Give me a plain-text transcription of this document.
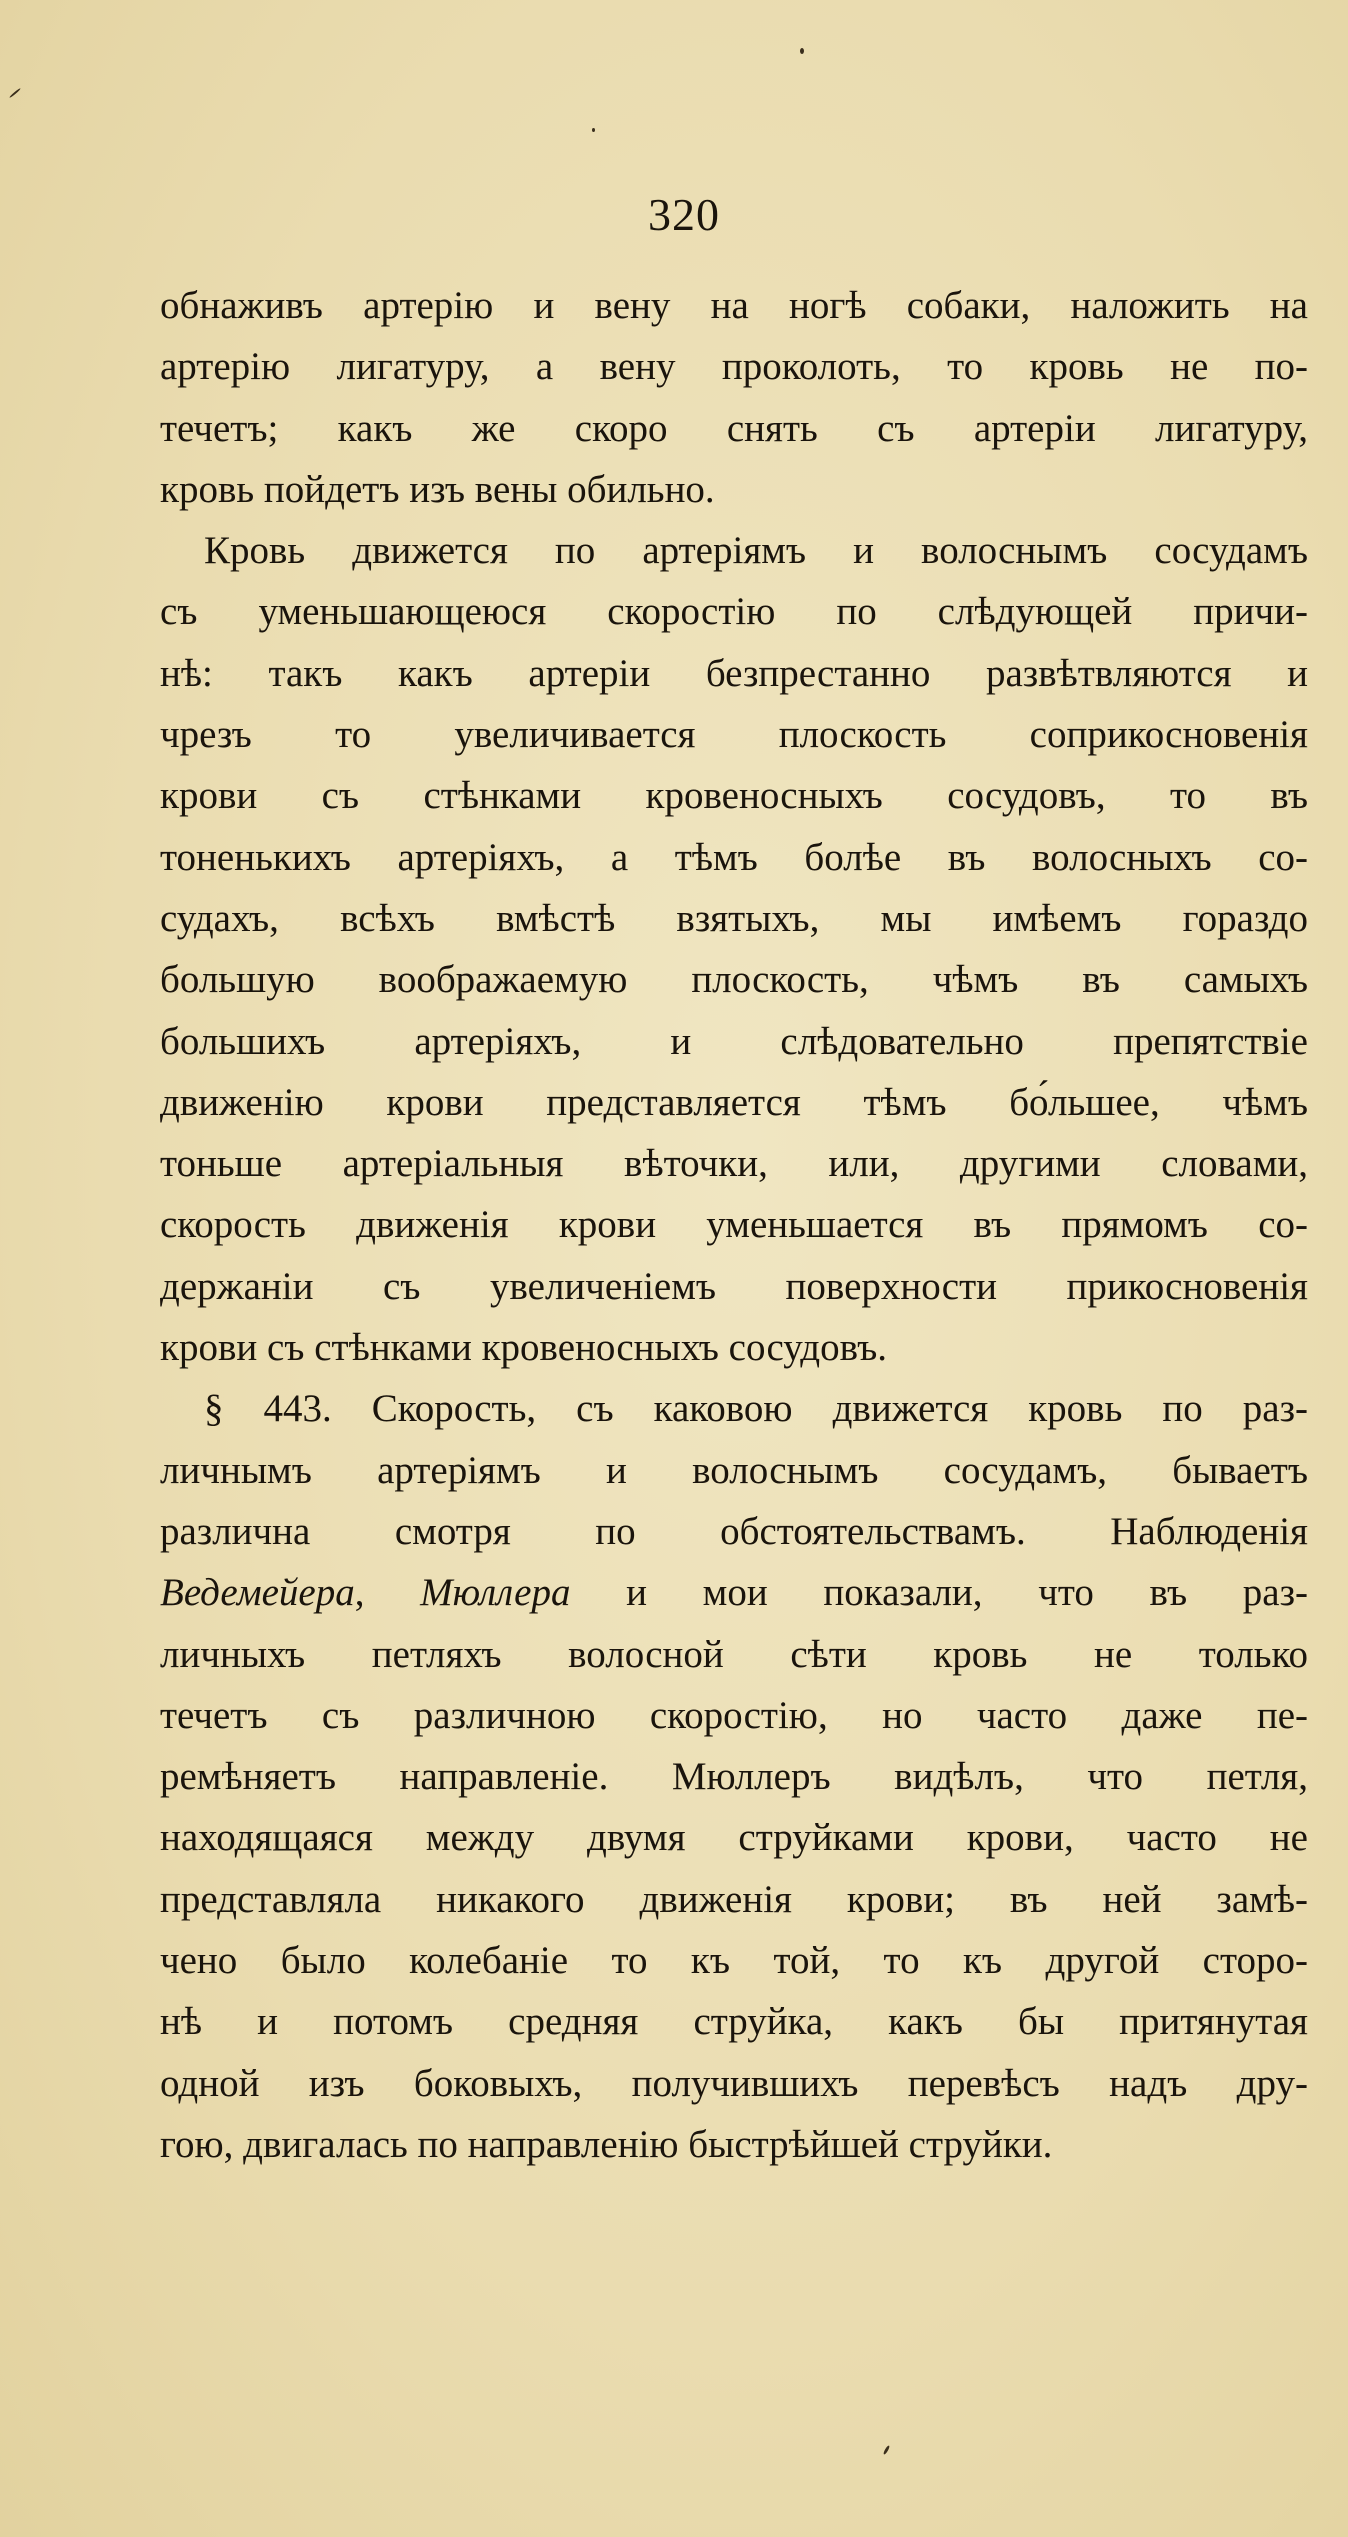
320
обнаживъ артерію и вену на ногѣ собаки, наложить на
артерію лигатуру, а вену проколоть, то кровь не по-
течетъ; какъ же скоро снять съ артеріи лигатуру,
кровь пойдетъ изъ вены обильно.
Кровь движется по артеріямъ и волоснымъ сосудамъ
съ уменьшающеюся скоростію по слѣдующей причи-
нѣ: такъ какъ артеріи безпрестанно развѣтвляются и
чрезъ то увеличивается плоскость соприкосновенія
крови съ стѣнками кровеносныхъ сосудовъ, то въ
тоненькихъ артеріяхъ, а тѣмъ болѣе въ волосныхъ со-
судахъ, всѣхъ вмѣстѣ взятыхъ, мы имѣемъ гораздо
большую воображаемую плоскость, чѣмъ въ самыхъ
большихъ артеріяхъ, и слѣдовательно препятствіе
движенію крови представляется тѣмъ бо́льшее, чѣмъ
тоньше артеріальныя вѣточки, или, другими словами,
скорость движенія крови уменьшается въ прямомъ со-
держаніи съ увеличеніемъ поверхности прикосновенія
крови съ стѣнками кровеносныхъ сосудовъ.
§ 443. Скорость, съ каковою движется кровь по раз-
личнымъ артеріямъ и волоснымъ сосудамъ, бываетъ
различна смотря по обстоятельствамъ. Наблюденія
Ведемейера, Мюллера и мои показали, что въ раз-
личныхъ петляхъ волосной сѣти кровь не только
течетъ съ различною скоростію, но часто даже пе-
ремѣняетъ направленіе. Мюллеръ видѣлъ, что петля,
находящаяся между двумя струйками крови, часто не
представляла никакого движенія крови; въ ней замѣ-
чено было колебаніе то къ той, то къ другой сторо-
нѣ и потомъ средняя струйка, какъ бы притянутая
одной изъ боковыхъ, получившихъ перевѣсъ надъ дру-
гою, двигалась по направленію быстрѣйшей струйки.
